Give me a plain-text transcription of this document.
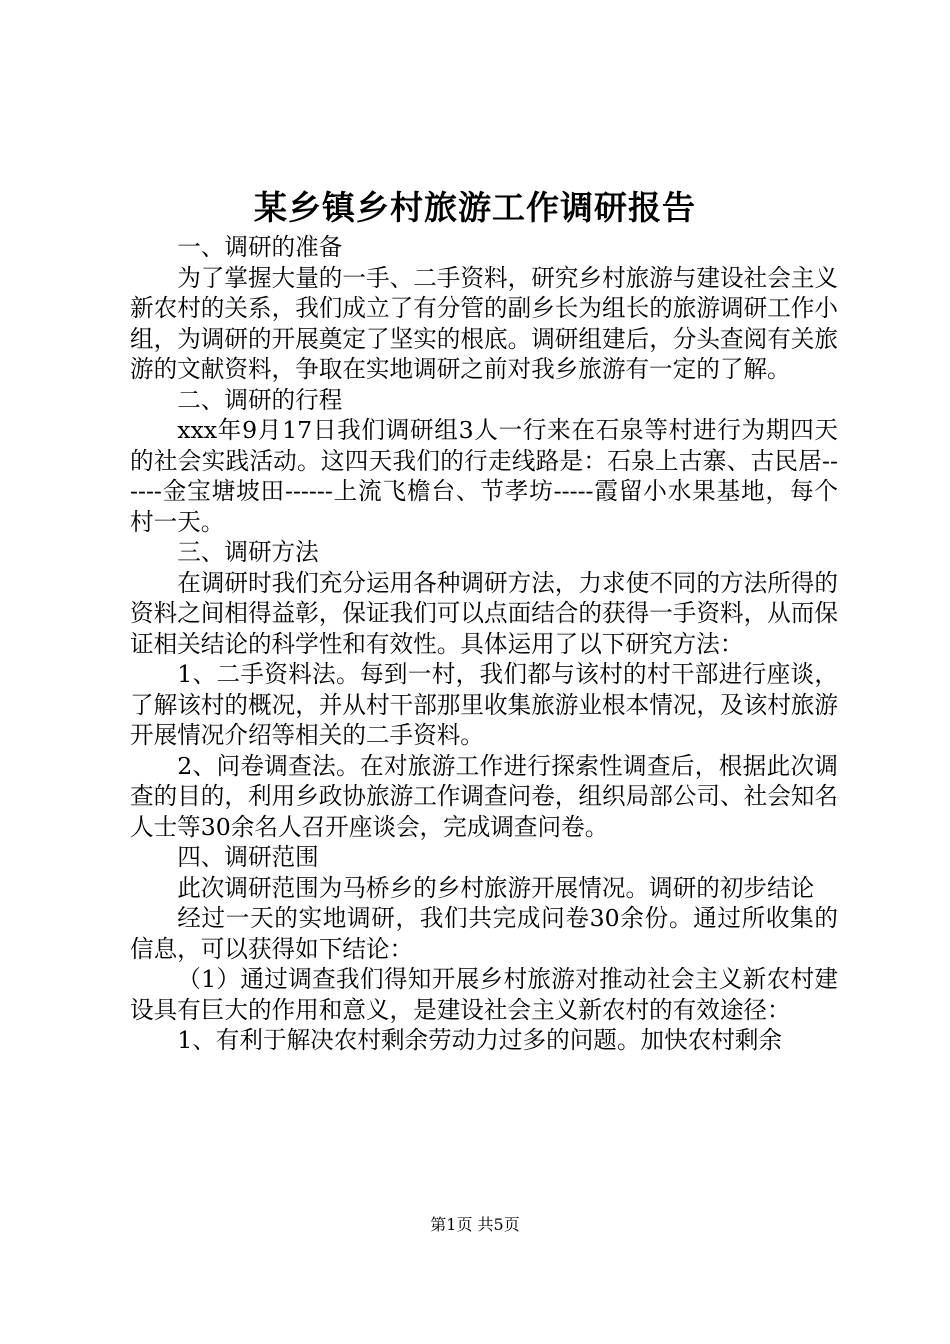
某乡镇乡村旅游工作调研报告

一、调研的准备

为了掌握大量的一手、二手资料，研究乡村旅游与建设社会主义新农村的关系，我们成立了有分管的副乡长为组长的旅游调研工作小组，为调研的开展奠定了坚实的根底。调研组建后，分头查阅有关旅游的文献资料，争取在实地调研之前对我乡旅游有一定的了解。

二、调研的行程

xxx年9月17日我们调研组3人一行来在石泉等村进行为期四天的社会实践活动。这四天我们的行走线路是：石泉上古寨、古民居------金宝塘坡田------上流飞檐台、节孝坊-----霞留小水果基地，每个村一天。

三、调研方法

在调研时我们充分运用各种调研方法，力求使不同的方法所得的资料之间相得益彰，保证我们可以点面结合的获得一手资料，从而保证相关结论的科学性和有效性。具体运用了以下研究方法：

1、二手资料法。每到一村，我们都与该村的村干部进行座谈，了解该村的概况，并从村干部那里收集旅游业根本情况，及该村旅游开展情况介绍等相关的二手资料。

2、问卷调查法。在对旅游工作进行探索性调查后，根据此次调查的目的，利用乡政协旅游工作调查问卷，组织局部公司、社会知名人士等30余名人召开座谈会，完成调查问卷。

四、调研范围

此次调研范围为马桥乡的乡村旅游开展情况。调研的初步结论

经过一天的实地调研，我们共完成问卷30余份。通过所收集的信息，可以获得如下结论：

（1）通过调查我们得知开展乡村旅游对推动社会主义新农村建设具有巨大的作用和意义，是建设社会主义新农村的有效途径：

1、有利于解决农村剩余劳动力过多的问题。加快农村剩余

第1页 共5页
